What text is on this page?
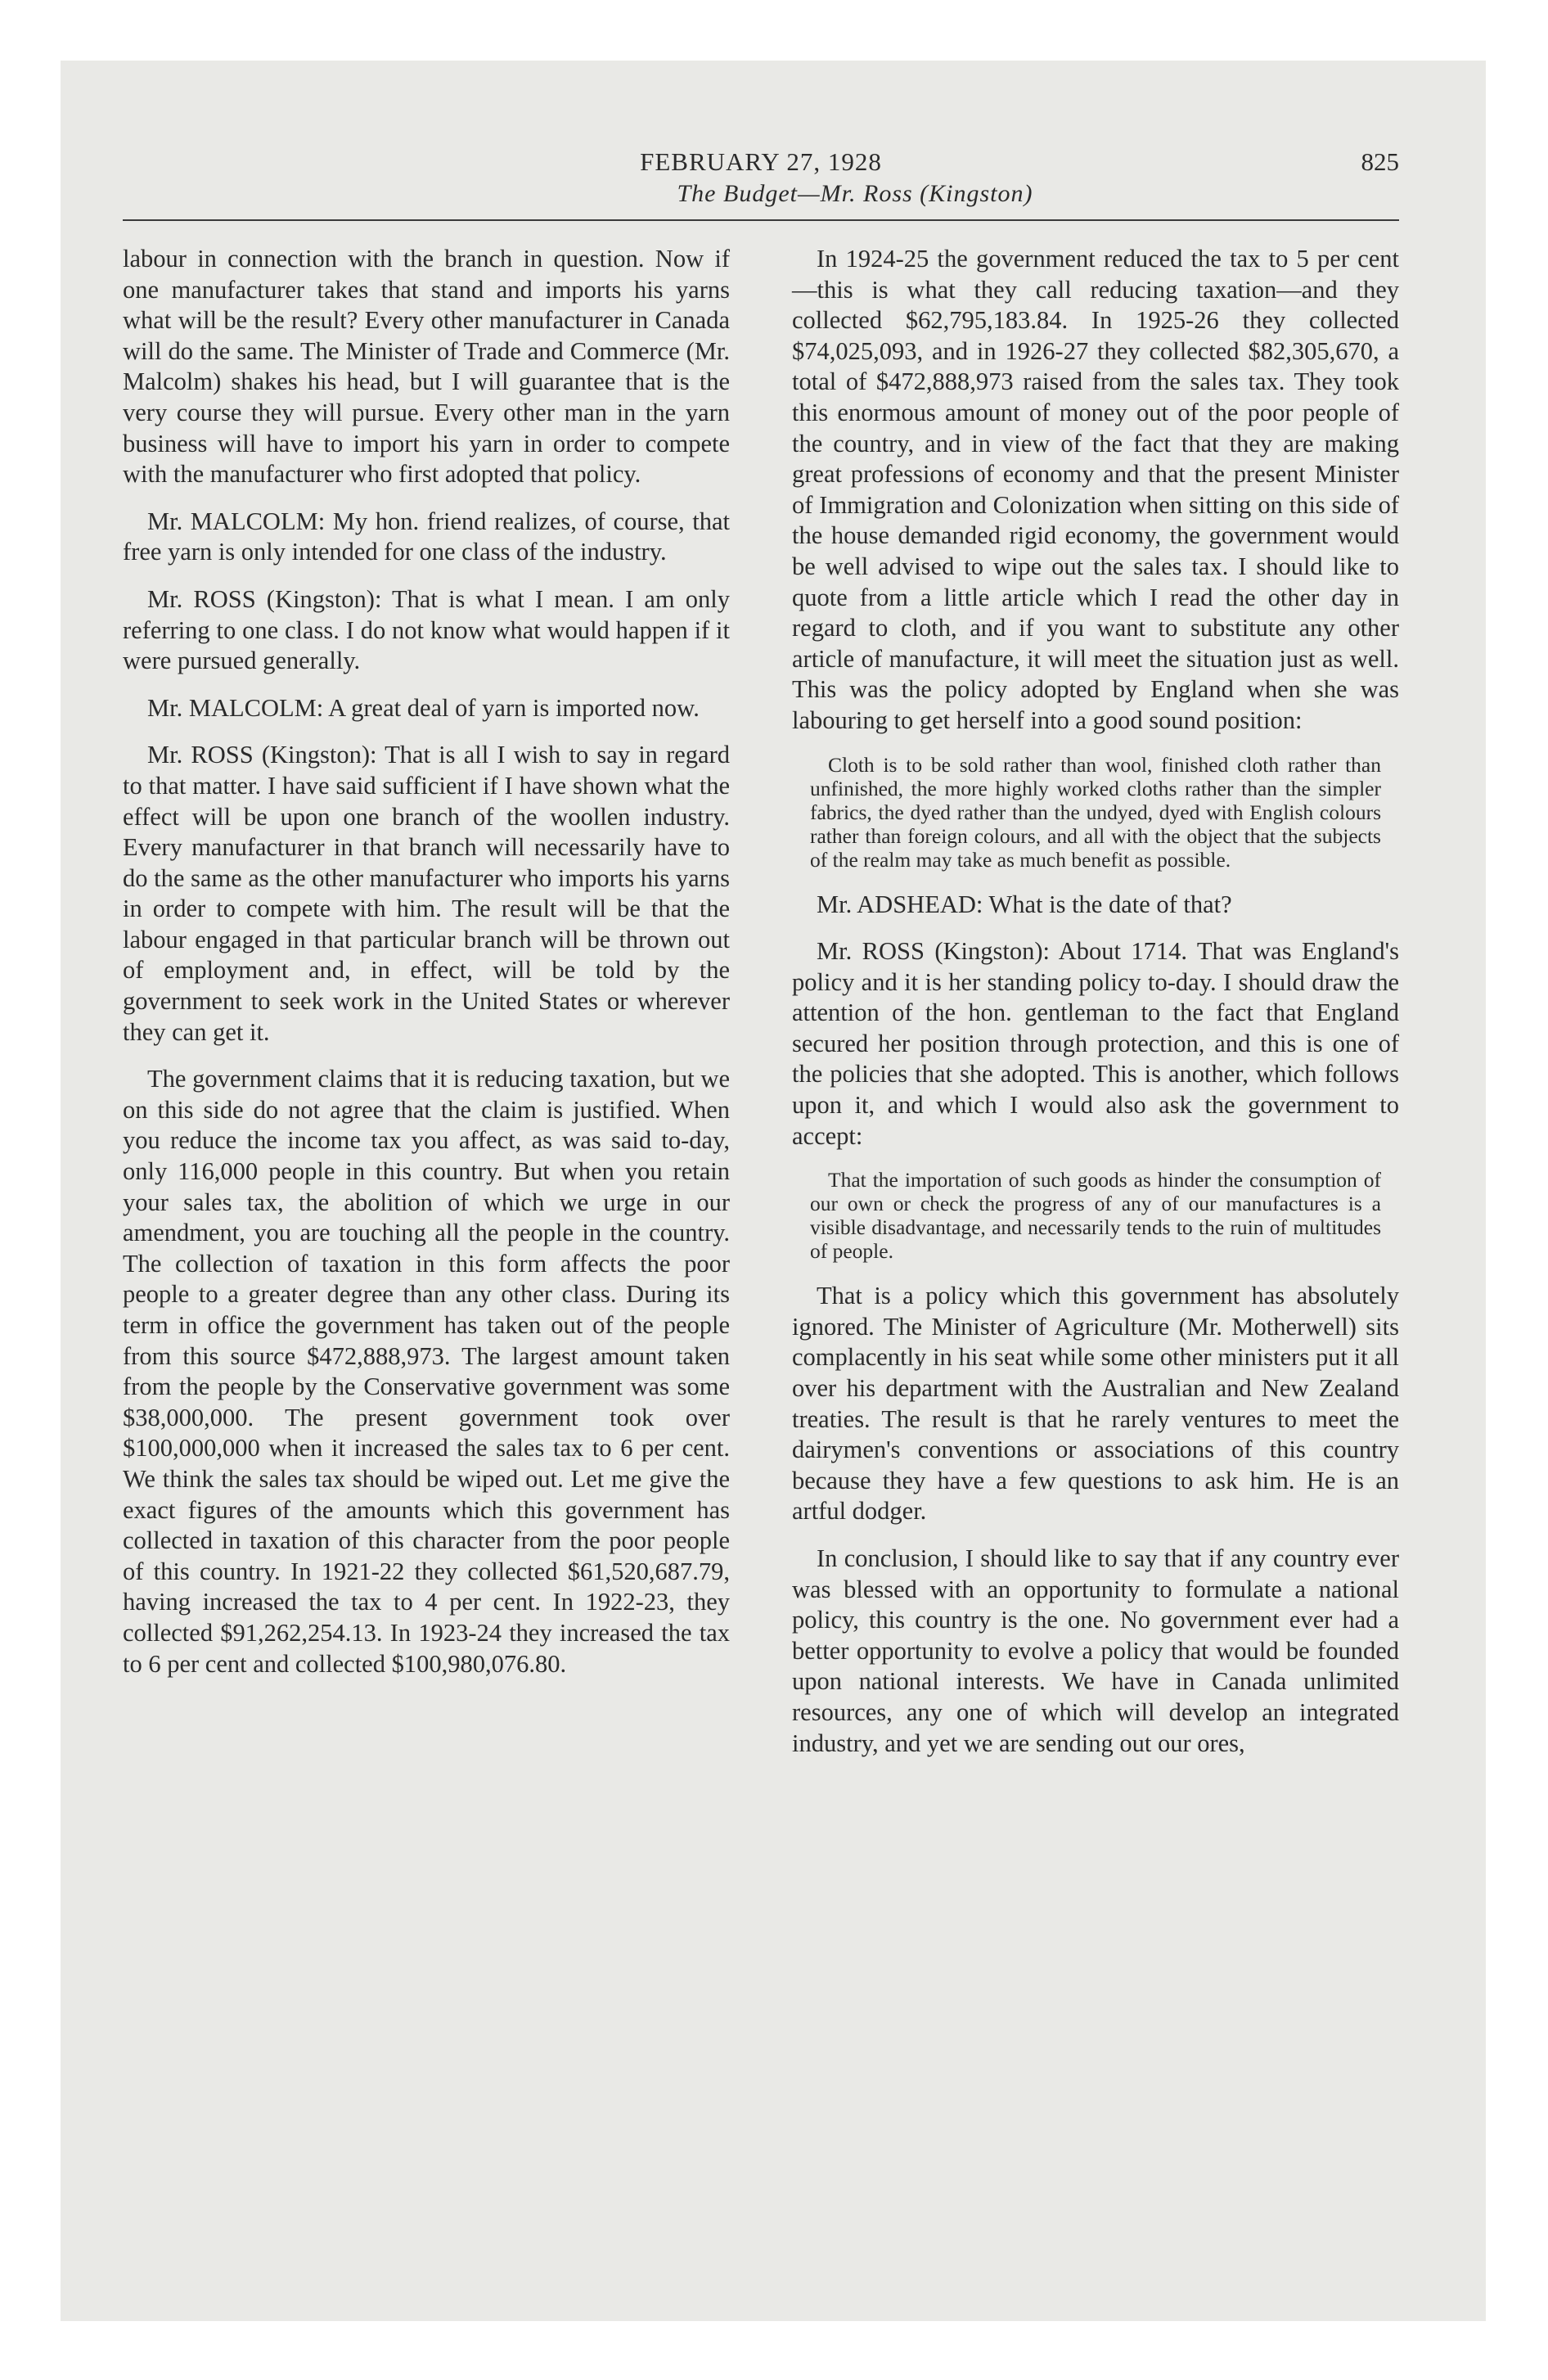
FEBRUARY 27, 1928	825
The Budget—Mr. Ross (Kingston)

labour in connection with the branch in question. Now if one manufacturer takes that stand and imports his yarns what will be the result? Every other manufacturer in Canada will do the same. The Minister of Trade and Commerce (Mr. Malcolm) shakes his head, but I will guarantee that is the very course they will pursue. Every other man in the yarn business will have to import his yarn in order to compete with the manufacturer who first adopted that policy.

Mr. MALCOLM: My hon. friend realizes, of course, that free yarn is only intended for one class of the industry.

Mr. ROSS (Kingston): That is what I mean. I am only referring to one class. I do not know what would happen if it were pursued generally.

Mr. MALCOLM: A great deal of yarn is imported now.

Mr. ROSS (Kingston): That is all I wish to say in regard to that matter. I have said sufficient if I have shown what the effect will be upon one branch of the woollen industry. Every manufacturer in that branch will necessarily have to do the same as the other manufacturer who imports his yarns in order to compete with him. The result will be that the labour engaged in that particular branch will be thrown out of employment and, in effect, will be told by the government to seek work in the United States or wherever they can get it.

The government claims that it is reducing taxation, but we on this side do not agree that the claim is justified. When you reduce the income tax you affect, as was said to-day, only 116,000 people in this country. But when you retain your sales tax, the abolition of which we urge in our amendment, you are touching all the people in the country. The collection of taxation in this form affects the poor people to a greater degree than any other class. During its term in office the government has taken out of the people from this source $472,888,973. The largest amount taken from the people by the Conservative government was some $38,000,000. The present government took over $100,000,000 when it increased the sales tax to 6 per cent. We think the sales tax should be wiped out. Let me give the exact figures of the amounts which this government has collected in taxation of this character from the poor people of this country. In 1921-22 they collected $61,520,687.79, having increased the tax to 4 per cent. In 1922-23, they collected $91,262,254.13. In 1923-24 they increased the tax to 6 per cent and collected $100,980,076.80.

In 1924-25 the government reduced the tax to 5 per cent—this is what they call reducing taxation—and they collected $62,795,183.84. In 1925-26 they collected $74,025,093, and in 1926-27 they collected $82,305,670, a total of $472,888,973 raised from the sales tax. They took this enormous amount of money out of the poor people of the country, and in view of the fact that they are making great professions of economy and that the present Minister of Immigration and Colonization when sitting on this side of the house demanded rigid economy, the government would be well advised to wipe out the sales tax. I should like to quote from a little article which I read the other day in regard to cloth, and if you want to substitute any other article of manufacture, it will meet the situation just as well. This was the policy adopted by England when she was labouring to get herself into a good sound position:

Cloth is to be sold rather than wool, finished cloth rather than unfinished, the more highly worked cloths rather than the simpler fabrics, the dyed rather than the undyed, dyed with English colours rather than foreign colours, and all with the object that the subjects of the realm may take as much benefit as possible.

Mr. ADSHEAD: What is the date of that?

Mr. ROSS (Kingston): About 1714. That was England's policy and it is her standing policy to-day. I should draw the attention of the hon. gentleman to the fact that England secured her position through protection, and this is one of the policies that she adopted. This is another, which follows upon it, and which I would also ask the government to accept:

That the importation of such goods as hinder the consumption of our own or check the progress of any of our manufactures is a visible disadvantage, and necessarily tends to the ruin of multitudes of people.

That is a policy which this government has absolutely ignored. The Minister of Agriculture (Mr. Motherwell) sits complacently in his seat while some other ministers put it all over his department with the Australian and New Zealand treaties. The result is that he rarely ventures to meet the dairymen's conventions or associations of this country because they have a few questions to ask him. He is an artful dodger.

In conclusion, I should like to say that if any country ever was blessed with an opportunity to formulate a national policy, this country is the one. No government ever had a better opportunity to evolve a policy that would be founded upon national interests. We have in Canada unlimited resources, any one of which will develop an integrated industry, and yet we are sending out our ores,
